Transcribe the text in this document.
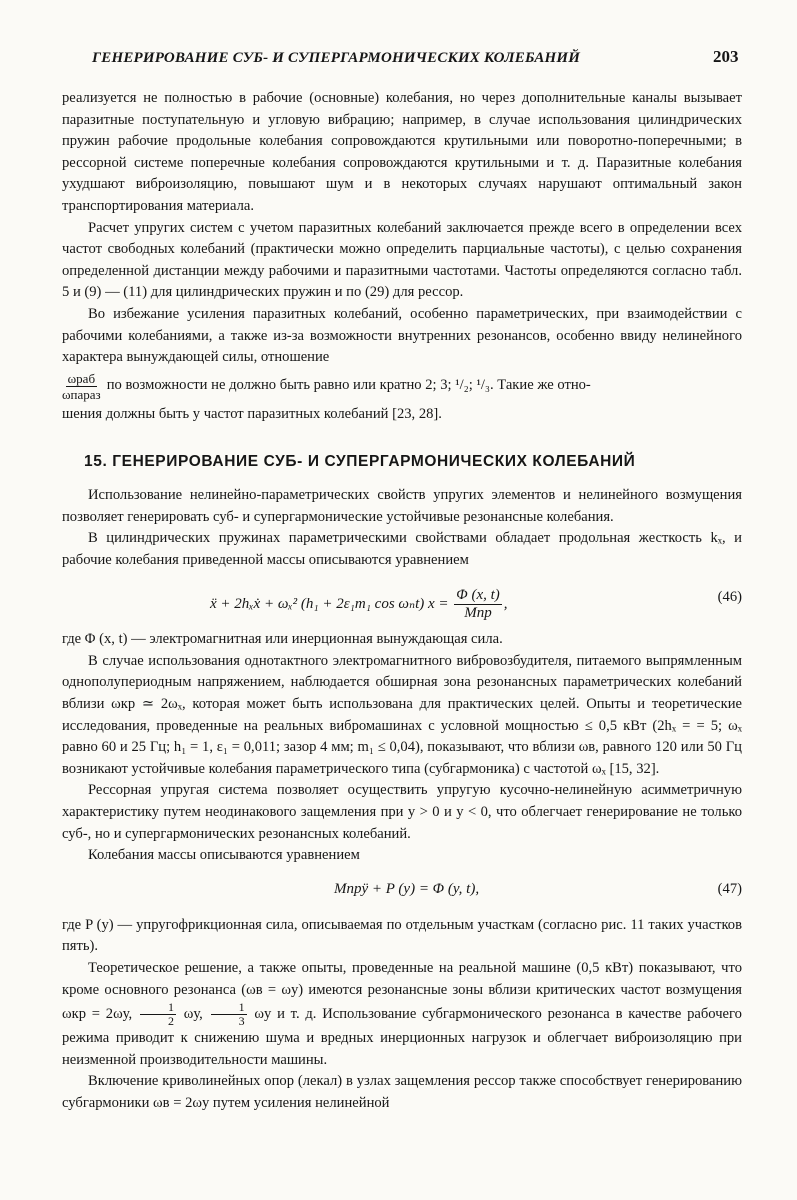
ГЕНЕРИРОВАНИЕ СУБ- И СУПЕРГАРМОНИЧЕСКИХ КОЛЕБАНИЙ	203

реализуется не полностью в рабочие (основные) колебания, но через дополнительные каналы вызывает паразитные поступательную и угловую вибрацию; например, в случае использования цилиндрических пружин рабочие продольные колебания сопровождаются крутильными или поворотно-поперечными; в рессорной системе поперечные колебания сопровождаются крутильными и т. д. Паразитные колебания ухудшают виброизоляцию, повышают шум и в некоторых случаях нарушают оптимальный закон транспортирования материала.

Расчет упругих систем с учетом паразитных колебаний заключается прежде всего в определении всех частот свободных колебаний (практически можно определить парциальные частоты), с целью сохранения определенной дистанции между рабочими и паразитными частотами. Частоты определяются согласно табл. 5 и (9) — (11) для цилиндрических пружин и по (29) для рессор.

Во избежание усиления паразитных колебаний, особенно параметрических, при взаимодействии с рабочими колебаниями, а также из-за возможности внутренних резонансов, особенно ввиду нелинейного характера вынуждающей силы, отношение

ωраб
ωпараз
по возможности не должно быть равно или кратно 2; 3; ¹/₂; ¹/₃. Такие же отно-

шения должны быть у частот паразитных колебаний [23, 28].

15. ГЕНЕРИРОВАНИЕ СУБ- И СУПЕРГАРМОНИЧЕСКИХ КОЛЕБАНИЙ

Использование нелинейно-параметрических свойств упругих элементов и нелинейного возмущения позволяет генерировать суб- и супергармонические устойчивые резонансные колебания.

В цилиндрических пружинах параметрическими свойствами обладает продольная жесткость kₓ, и рабочие колебания приведенной массы описываются уравнением

ẍ + 2hₓẋ + ωₓ² (h₁ + 2ε₁m₁ cos ωₙt) $x = \frac{\Phi (x, t)}{\text{Mпр}}$ ,	(46)

где Φ (x, t) — электромагнитная или инерционная вынуждающая сила.

В случае использования однотактного электромагнитного вибровозбудителя, питаемого выпрямленным однополупериодным напряжением, наблюдается обширная зона резонансных параметрических колебаний вблизи ωкр ≃ 2ωₓ, которая может быть использована для практических целей. Опыты и теоретические исследования, проведенные на реальных вибромашинах с условной мощностью ≤ 0,5 кВт (2hₓ = = 5; ωₓ равно 60 и 25 Гц; h₁ = 1, ε₁ = 0,011; зазор 4 мм; m₁ ≤ 0,04), показывают, что вблизи ωв, равного 120 или 50 Гц возникают устойчивые колебания параметрического типа (субгармоника) с частотой ωₓ [15, 32].

Рессорная упругая система позволяет осуществить упругую кусочно-нелинейную асимметричную характеристику путем неодинакового защемления при y > 0 и y < 0, что облегчает генерирование не только суб-, но и супергармонических резонансных колебаний.

Колебания массы описываются уравнением

Mпрÿ + P (y) = Φ (y, t),	(47)

где P (y) — упругофрикционная сила, описываемая по отдельным участкам (согласно рис. 11 таких участков пять).

Теоретическое решение, а также опыты, проведенные на реальной машине (0,5 кВт) показывают, что кроме основного резонанса (ωв = ωу) имеются резонансные зоны вблизи критических частот возмущения ωкр = 2ωу, $\frac{1}{2} \omega у$, $\frac{1}{3}$ ωу и т. д. Использование субгармонического резонанса в качестве рабочего режима приводит к снижению шума и вредных инерционных нагрузок и облегчает виброизоляцию при неизменной производительности машины.

Включение криволинейных опор (лекал) в узлах защемления рессор также способствует генерированию субгармоники ωв = 2ωу путем усиления нелинейной
